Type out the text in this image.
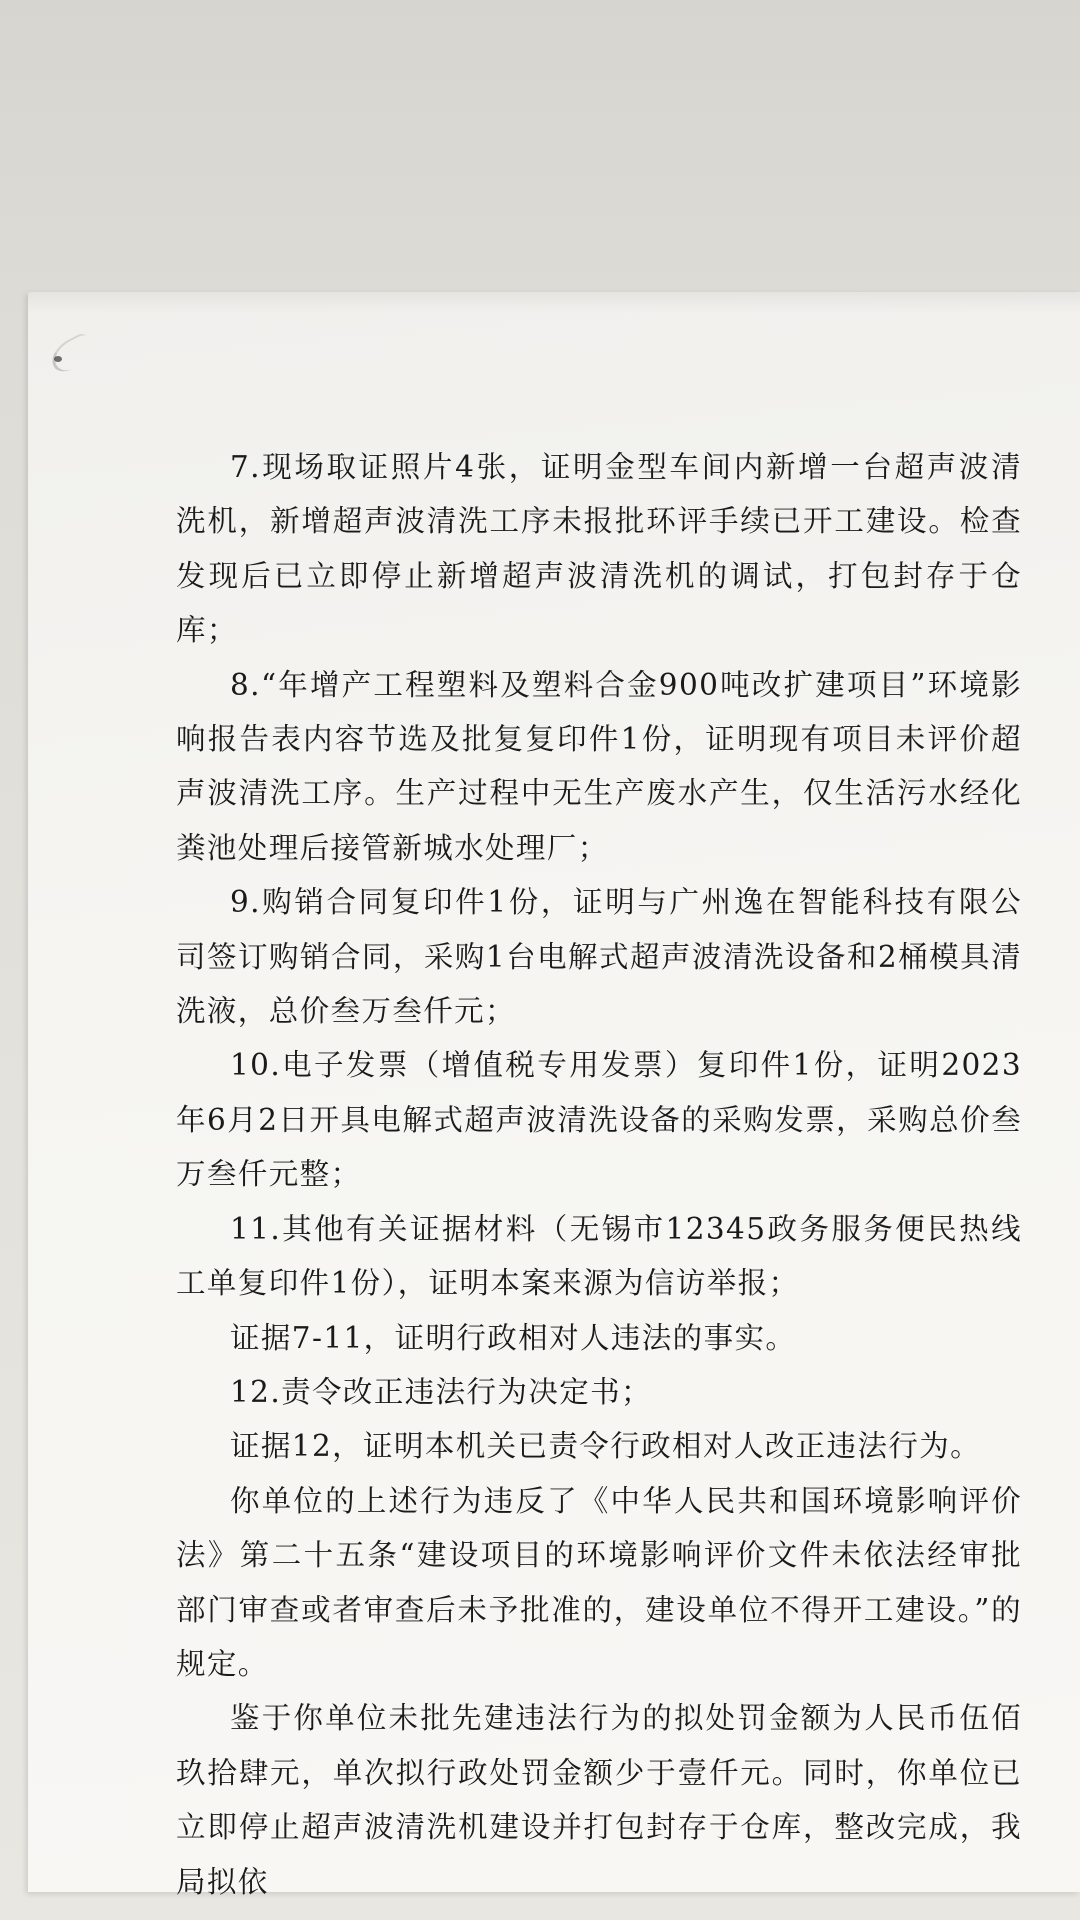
7.现场取证照片4张，证明金型车间内新增一台超声波清洗机，新增超声波清洗工序未报批环评手续已开工建设。检查发现后已立即停止新增超声波清洗机的调试，打包封存于仓库；

8.“年增产工程塑料及塑料合金900吨改扩建项目”环境影响报告表内容节选及批复复印件1份，证明现有项目未评价超声波清洗工序。生产过程中无生产废水产生，仅生活污水经化粪池处理后接管新城水处理厂；

9.购销合同复印件1份，证明与广州逸在智能科技有限公司签订购销合同，采购1台电解式超声波清洗设备和2桶模具清洗液，总价叁万叁仟元；

10.电子发票（增值税专用发票）复印件1份，证明2023年6月2日开具电解式超声波清洗设备的采购发票，采购总价叁万叁仟元整；

11.其他有关证据材料（无锡市12345政务服务便民热线工单复印件1份），证明本案来源为信访举报；

证据7-11，证明行政相对人违法的事实。

12.责令改正违法行为决定书；

证据12，证明本机关已责令行政相对人改正违法行为。

你单位的上述行为违反了《中华人民共和国环境影响评价法》第二十五条“建设项目的环境影响评价文件未依法经审批部门审查或者审查后未予批准的，建设单位不得开工建设。”的规定。

鉴于你单位未批先建违法行为的拟处罚金额为人民币伍佰玖拾肆元，单次拟行政处罚金额少于壹仟元。同时，你单位已立即停止超声波清洗机建设并打包封存于仓库，整改完成，我局拟依
